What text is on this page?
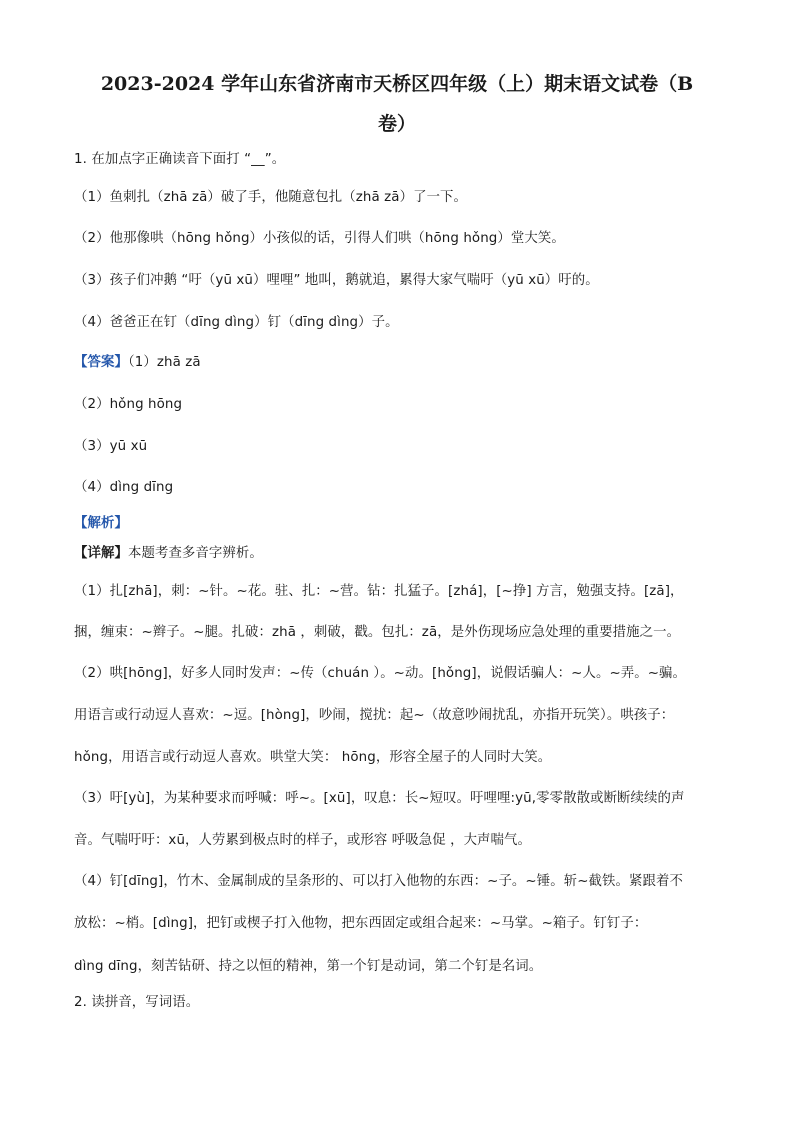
2023-2024 学年山东省济南市天桥区四年级（上）期末语文试卷（B
卷）
1. 在加点字正确读音下面打 “__”。
（1）鱼刺扎（zhā zā）破了手，他随意包扎（zhā zā）了一下。
（2）他那像哄（hōng hǒng）小孩似的话，引得人们哄（hōng hǒng）堂大笑。
（3）孩子们冲鹅 “吁（yū xū）哩哩” 地叫，鹅就追，累得大家气喘吁（yū xū）吁的。
（4）爸爸正在钉（dīng dìng）钉（dīng dìng）子。
【答案】（1）zhā zā
（2）hǒng hōng
（3）yū xū
（4）dìng dīng
【解析】
【详解】本题考查多音字辨析。
（1）扎[zhā]，刺：~针。~花。驻、扎：~营。钻：扎猛子。[zhá]，[~挣] 方言，勉强支持。[zā]，
捆，缠束：~辫子。~腿。扎破：zhā ，刺破，戳。包扎：zā，是外伤现场应急处理的重要措施之一。
（2）哄[hōng]，好多人同时发声：~传（chuán ）。~动。[hǒng]，说假话骗人：~人。~弄。~骗。
用语言或行动逗人喜欢：~逗。[hòng]，吵闹，搅扰：起~（故意吵闹扰乱，亦指开玩笑）。哄孩子：
hǒng，用语言或行动逗人喜欢。哄堂大笑： hōng，形容全屋子的人同时大笑。
（3）吁[yù]，为某种要求而呼喊：呼~。[xū]，叹息：长~短叹。吁哩哩:yū,零零散散或断断续续的声
音。气喘吁吁：xū，人劳累到极点时的样子，或形容 呼吸急促 ，大声喘气。
（4）钉[dīng]，竹木、金属制成的呈条形的、可以打入他物的东西：~子。~锤。斩~截铁。紧跟着不
放松：~梢。[dìng]，把钉或楔子打入他物，把东西固定或组合起来：~马掌。~箱子。钉钉子：
dìng dīng，刻苦钻研、持之以恒的精神，第一个钉是动词，第二个钉是名词。
2. 读拼音，写词语。
